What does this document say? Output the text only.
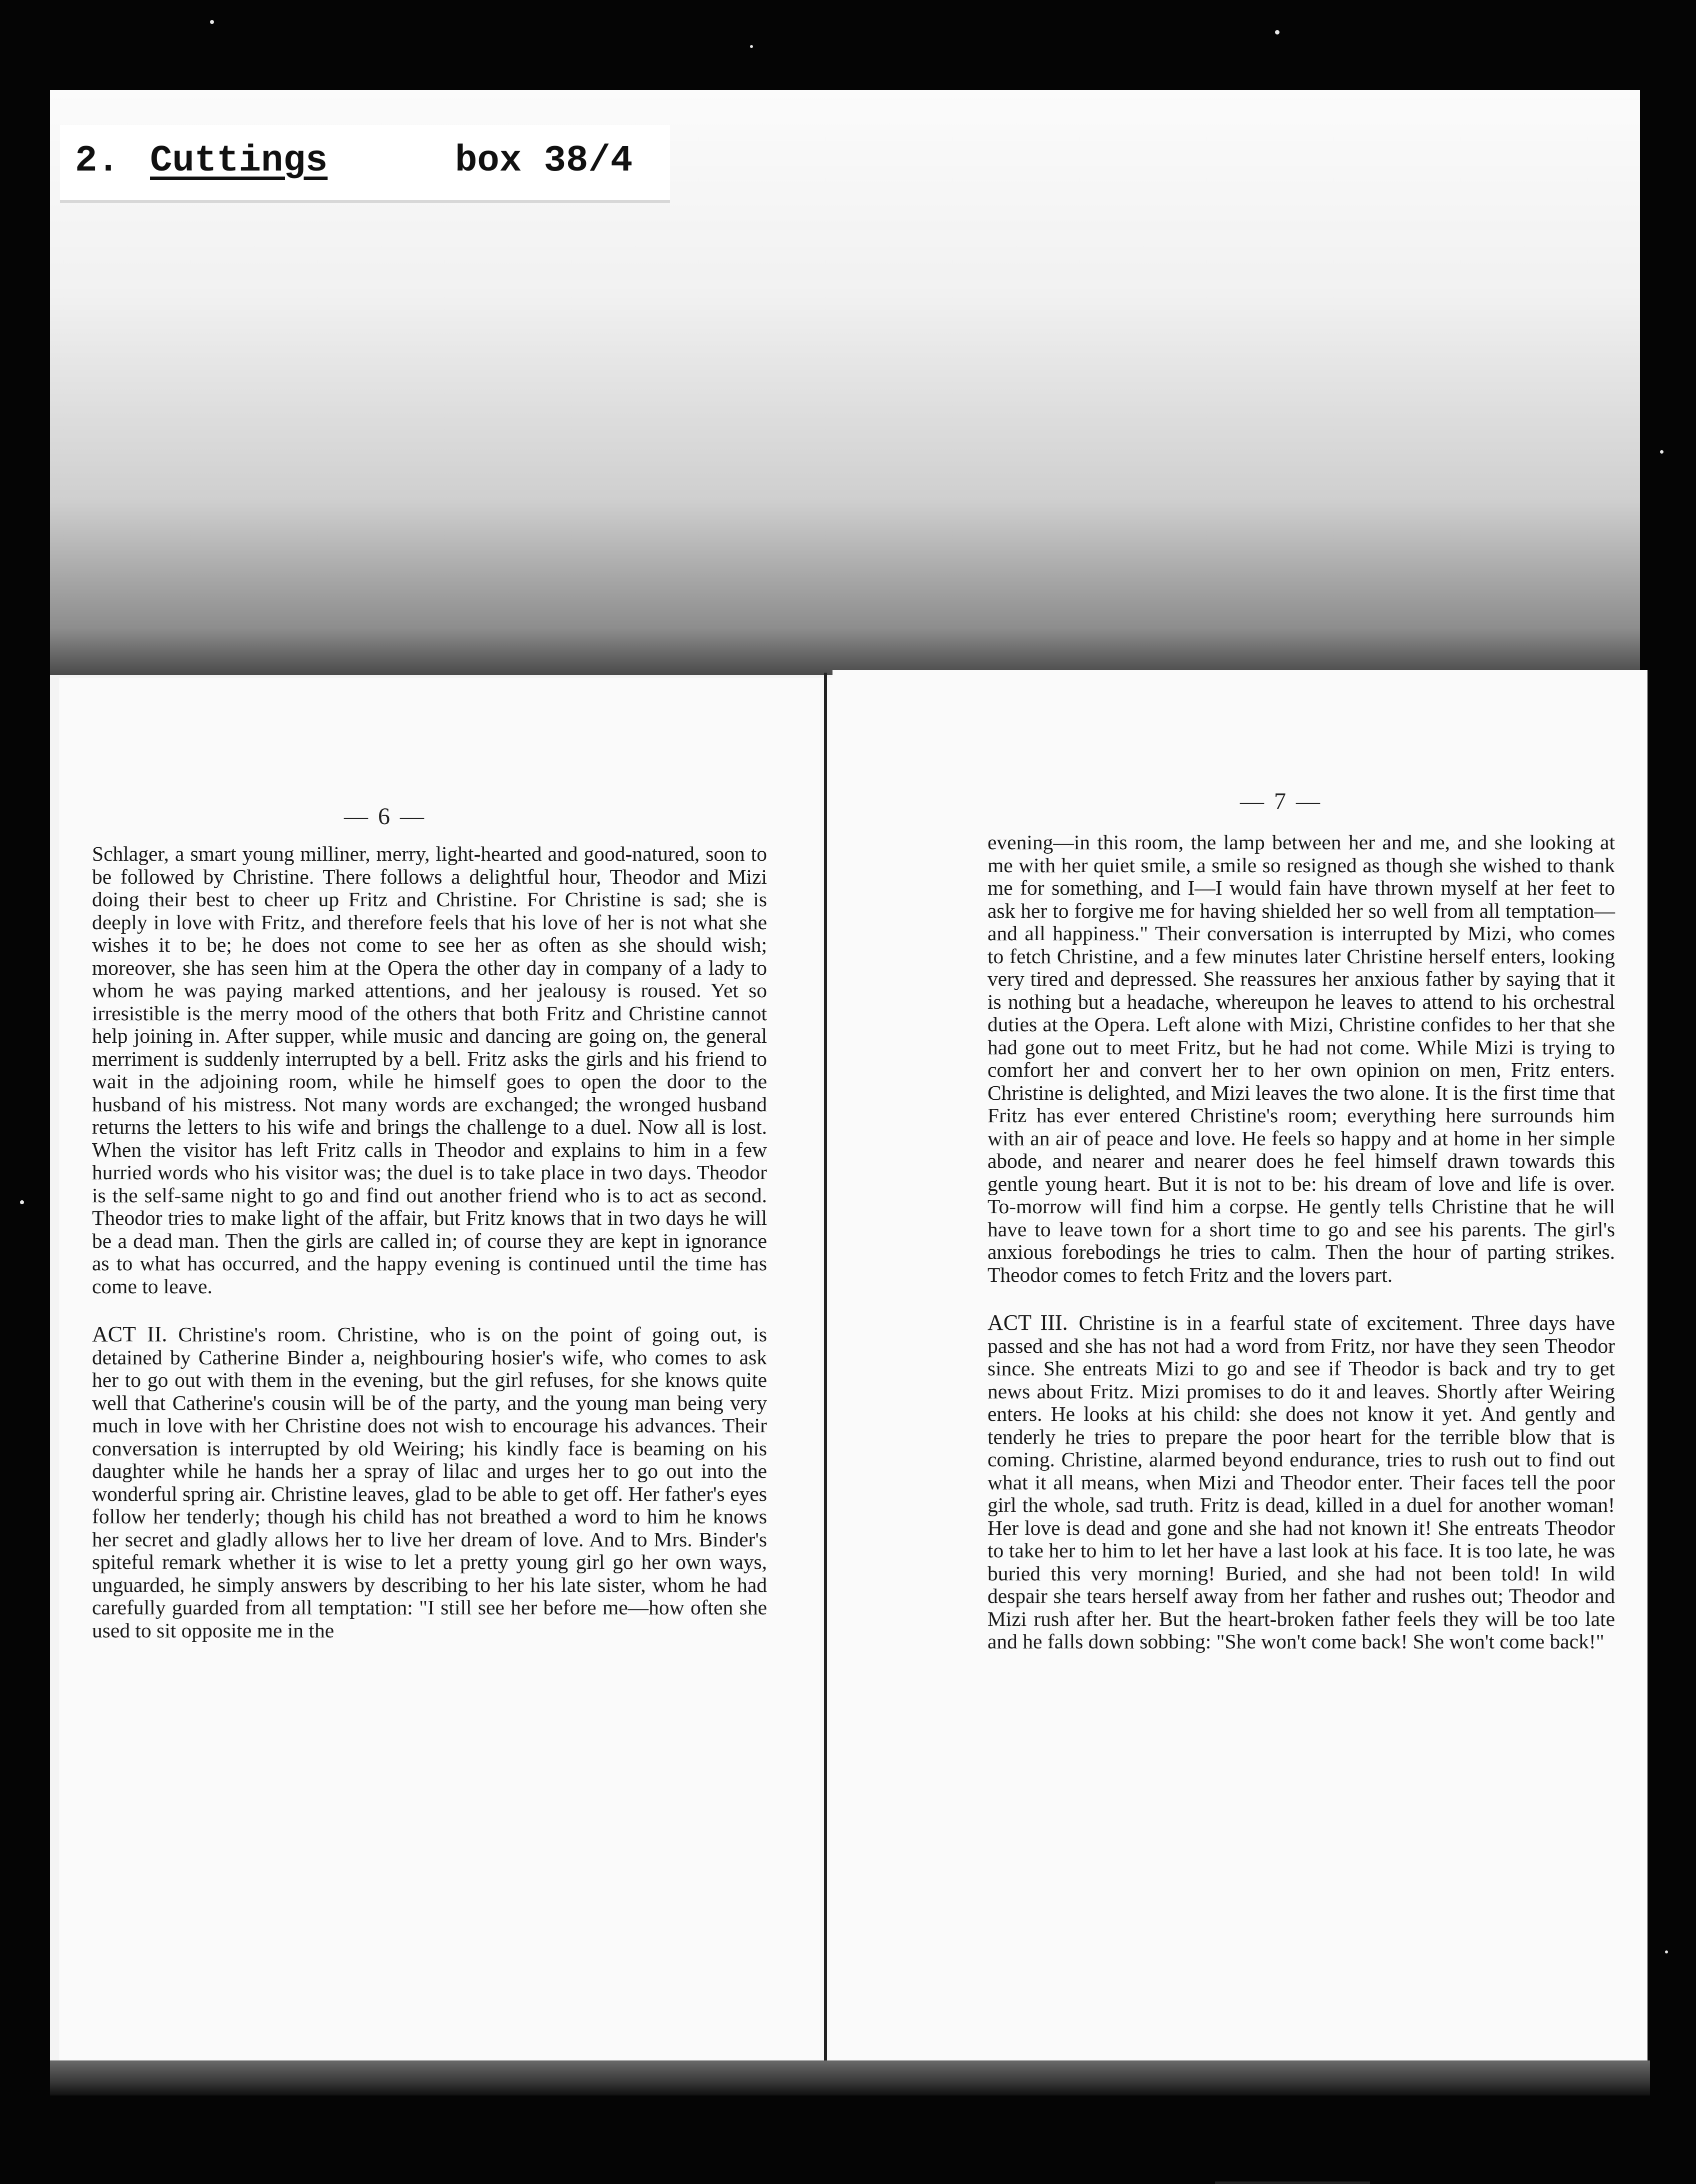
2. Cuttings	box 38/4
— 6 —

Schlager, a smart young milliner, merry, light-hearted and good-natured, soon to be followed by Christine. There follows a delightful hour, Theodor and Mizi doing their best to cheer up Fritz and Christine. For Christine is sad; she is deeply in love with Fritz, and therefore feels that his love of her is not what she wishes it to be; he does not come to see her as often as she should wish; moreover, she has seen him at the Opera the other day in company of a lady to whom he was paying marked attentions, and her jealousy is roused. Yet so irresistible is the merry mood of the others that both Fritz and Christine cannot help joining in. After supper, while music and dancing are going on, the general merriment is suddenly interrupted by a bell. Fritz asks the girls and his friend to wait in the adjoining room, while he himself goes to open the door to the husband of his mistress. Not many words are exchanged; the wronged husband returns the letters to his wife and brings the challenge to a duel. Now all is lost. When the visitor has left Fritz calls in Theodor and explains to him in a few hurried words who his visitor was; the duel is to take place in two days. Theodor is the self-same night to go and find out another friend who is to act as second. Theodor tries to make light of the affair, but Fritz knows that in two days he will be a dead man. Then the girls are called in; of course they are kept in ignorance as to what has occurred, and the happy evening is continued until the time has come to leave.

ACT II. Christine's room. Christine, who is on the point of going out, is detained by Catherine Binder a, neighbouring hosier's wife, who comes to ask her to go out with them in the evening, but the girl refuses, for she knows quite well that Catherine's cousin will be of the party, and the young man being very much in love with her Christine does not wish to encourage his advances. Their conversation is interrupted by old Weiring; his kindly face is beaming on his daughter while he hands her a spray of lilac and urges her to go out into the wonderful spring air. Christine leaves, glad to be able to get off. Her father's eyes follow her tenderly; though his child has not breathed a word to him he knows her secret and gladly allows her to live her dream of love. And to Mrs. Binder's spiteful remark whether it is wise to let a pretty young girl go her own ways, unguarded, he simply answers by describing to her his late sister, whom he had carefully guarded from all temptation: "I still see her before me—how often she used to sit opposite me in the

— 7 —

evening—in this room, the lamp between her and me, and she looking at me with her quiet smile, a smile so resigned as though she wished to thank me for something, and I—I would fain have thrown myself at her feet to ask her to forgive me for having shielded her so well from all temptation—and all happiness." Their conversation is interrupted by Mizi, who comes to fetch Christine, and a few minutes later Christine herself enters, looking very tired and depressed. She reassures her anxious father by saying that it is nothing but a headache, whereupon he leaves to attend to his orchestral duties at the Opera. Left alone with Mizi, Christine confides to her that she had gone out to meet Fritz, but he had not come. While Mizi is trying to comfort her and convert her to her own opinion on men, Fritz enters. Christine is delighted, and Mizi leaves the two alone. It is the first time that Fritz has ever entered Christine's room; everything here surrounds him with an air of peace and love. He feels so happy and at home in her simple abode, and nearer and nearer does he feel himself drawn towards this gentle young heart. But it is not to be: his dream of love and life is over. To-morrow will find him a corpse. He gently tells Christine that he will have to leave town for a short time to go and see his parents. The girl's anxious forebodings he tries to calm. Then the hour of parting strikes. Theodor comes to fetch Fritz and the lovers part.

ACT III. Christine is in a fearful state of excitement. Three days have passed and she has not had a word from Fritz, nor have they seen Theodor since. She entreats Mizi to go and see if Theodor is back and try to get news about Fritz. Mizi promises to do it and leaves. Shortly after Weiring enters. He looks at his child: she does not know it yet. And gently and tenderly he tries to prepare the poor heart for the terrible blow that is coming. Christine, alarmed beyond endurance, tries to rush out to find out what it all means, when Mizi and Theodor enter. Their faces tell the poor girl the whole, sad truth. Fritz is dead, killed in a duel for another woman! Her love is dead and gone and she had not known it! She entreats Theodor to take her to him to let her have a last look at his face. It is too late, he was buried this very morning! Buried, and she had not been told! In wild despair she tears herself away from her father and rushes out; Theodor and Mizi rush after her. But the heart-broken father feels they will be too late and he falls down sobbing: "She won't come back! She won't come back!"
